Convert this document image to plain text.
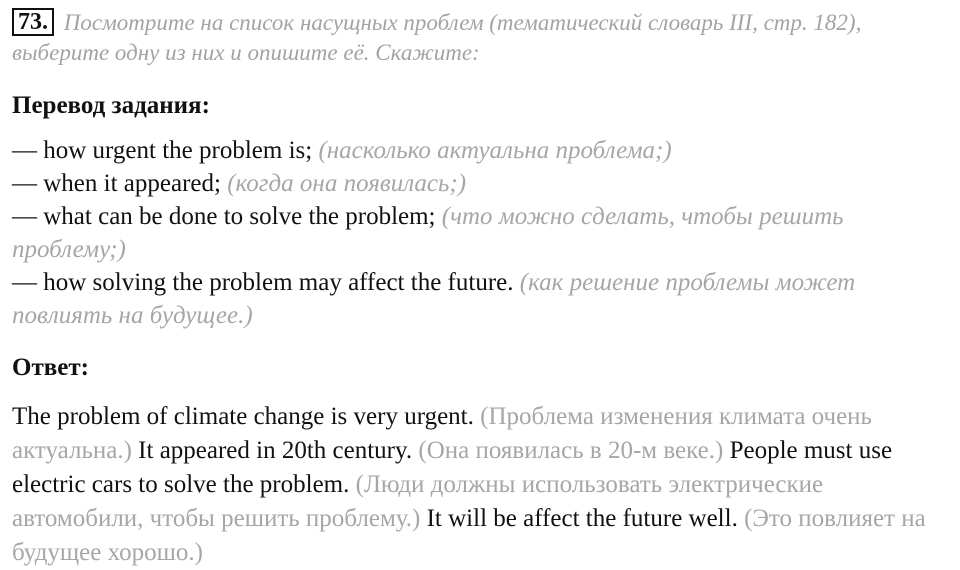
73. Посмотрите на список насущных проблем (тематический словарь III, стр. 182), выберите одну из них и опишите её. Скажите:

Перевод задания:

— how urgent the problem is; (насколько актуальна проблема;)

— when it appeared; (когда она появилась;)

— what can be done to solve the problem; (что можно сделать, чтобы решить проблему;)

— how solving the problem may affect the future. (как решение проблемы может повлиять на будущее.)

Ответ:

The problem of climate change is very urgent. (Проблема изменения климата очень актуальна.) It appeared in 20th century. (Она появилась в 20-м веке.) People must use electric cars to solve the problem. (Люди должны использовать электрические автомобили, чтобы решить проблему.) It will be affect the future well. (Это повлияет на будущее хорошо.)
